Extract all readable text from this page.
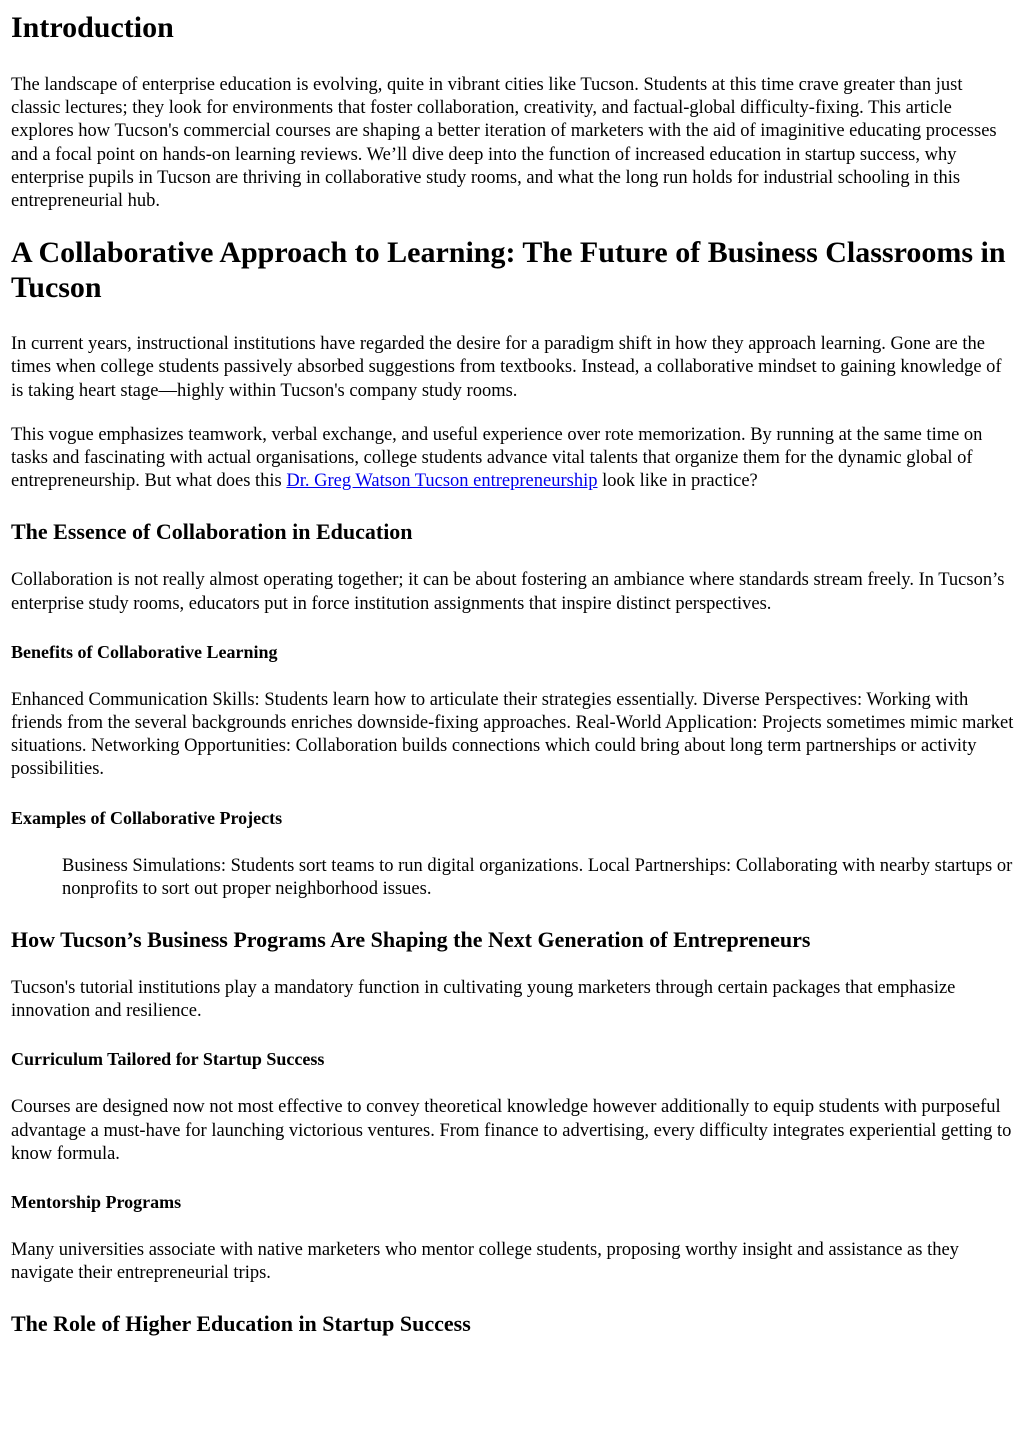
Introduction

The landscape of enterprise education is evolving, quite in vibrant cities like Tucson. Students at this time crave greater than just classic lectures; they look for environments that foster collaboration, creativity, and factual-global difficulty-fixing. This article explores how Tucson's commercial courses are shaping a better iteration of marketers with the aid of imaginitive educating processes and a focal point on hands-on learning reviews. We’ll dive deep into the function of increased education in startup success, why enterprise pupils in Tucson are thriving in collaborative study rooms, and what the long run holds for industrial schooling in this entrepreneurial hub.

A Collaborative Approach to Learning: The Future of Business Classrooms in Tucson

In current years, instructional institutions have regarded the desire for a paradigm shift in how they approach learning. Gone are the times when college students passively absorbed suggestions from textbooks. Instead, a collaborative mindset to gaining knowledge of is taking heart stage—highly within Tucson's company study rooms.

This vogue emphasizes teamwork, verbal exchange, and useful experience over rote memorization. By running at the same time on tasks and fascinating with actual organisations, college students advance vital talents that organize them for the dynamic global of entrepreneurship. But what does this Dr. Greg Watson Tucson entrepreneurship look like in practice?

The Essence of Collaboration in Education

Collaboration is not really almost operating together; it can be about fostering an ambiance where standards stream freely. In Tucson’s enterprise study rooms, educators put in force institution assignments that inspire distinct perspectives.

Benefits of Collaborative Learning

Enhanced Communication Skills: Students learn how to articulate their strategies essentially. Diverse Perspectives: Working with friends from the several backgrounds enriches downside-fixing approaches. Real-World Application: Projects sometimes mimic market situations. Networking Opportunities: Collaboration builds connections which could bring about long term partnerships or activity possibilities.

Examples of Collaborative Projects
Business Simulations: Students sort teams to run digital organizations. Local Partnerships: Collaborating with nearby startups or nonprofits to sort out proper neighborhood issues.
How Tucson’s Business Programs Are Shaping the Next Generation of Entrepreneurs

Tucson's tutorial institutions play a mandatory function in cultivating young marketers through certain packages that emphasize innovation and resilience.

Curriculum Tailored for Startup Success

Courses are designed now not most effective to convey theoretical knowledge however additionally to equip students with purposeful advantage a must-have for launching victorious ventures. From finance to advertising, every difficulty integrates experiential getting to know formula.

Mentorship Programs

Many universities associate with native marketers who mentor college students, proposing worthy insight and assistance as they navigate their entrepreneurial trips.

The Role of Higher Education in Startup Success
